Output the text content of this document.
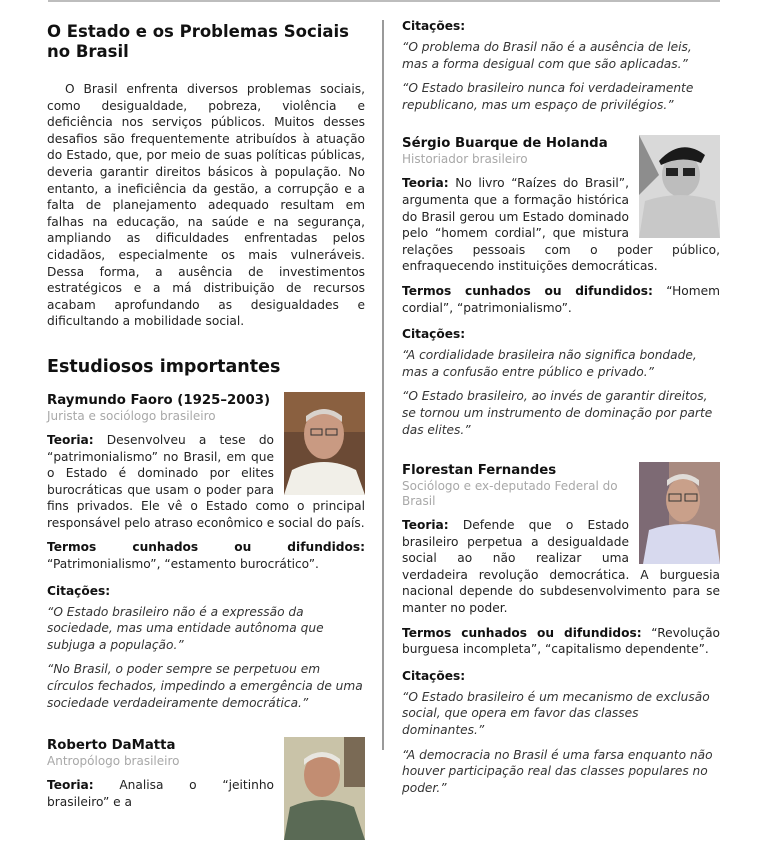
O Estado e os Problemas Sociais no Brasil

O Brasil enfrenta diversos problemas sociais, como desigualdade, pobreza, violência e deficiência nos serviços públicos. Muitos desses desafios são frequentemente atribuídos à atuação do Estado, que, por meio de suas políticas públicas, deveria garantir direitos básicos à população. No entanto, a ineficiência da gestão, a corrupção e a falta de planejamento adequado resultam em falhas na educação, na saúde e na segurança, ampliando as dificuldades enfrentadas pelos cidadãos, especialmente os mais vulneráveis. Dessa forma, a ausência de investimentos estratégicos e a má distribuição de recursos acabam aprofundando as desigualdades e dificultando a mobilidade social.

Estudiosos importantes
Raymundo Faoro (1925–2003)
Jurista e sociólogo brasileiro

Teoria: Desenvolveu a tese do “patrimonialismo” no Brasil, em que o Estado é dominado por elites burocráticas que usam o poder para fins privados. Ele vê o Estado como o principal responsável pelo atraso econômico e social do país.

Termos cunhados ou difundidos: “Patrimonialismo”, “estamento burocrático”.

Citações:

“O Estado brasileiro não é a expressão da sociedade, mas uma entidade autônoma que subjuga a população.”

“No Brasil, o poder sempre se perpetuou em círculos fechados, impedindo a emergência de uma sociedade verdadeiramente democrática.”

Roberto DaMatta
Antropólogo brasileiro

Teoria: Analisa o “jeitinho brasileiro” e a

Citações:

“O problema do Brasil não é a ausência de leis, mas a forma desigual com que são aplicadas.”

“O Estado brasileiro nunca foi verdadeiramente republicano, mas um espaço de privilégios.”

Sérgio Buarque de Holanda
Historiador brasileiro

Teoria: No livro “Raízes do Brasil”, argumenta que a formação histórica do Brasil gerou um Estado dominado pelo “homem cordial”, que mistura relações pessoais com o poder público, enfraquecendo instituições democráticas.

Termos cunhados ou difundidos: “Homem cordial”, “patrimonialismo”.

Citações:

“A cordialidade brasileira não significa bondade, mas a confusão entre público e privado.”

“O Estado brasileiro, ao invés de garantir direitos, se tornou um instrumento de dominação por parte das elites.”

Florestan Fernandes
Sociólogo e ex-deputado Federal do Brasil

Teoria: Defende que o Estado brasileiro perpetua a desigualdade social ao não realizar uma verdadeira revolução democrática. A burguesia nacional depende do subdesenvolvimento para se manter no poder.

Termos cunhados ou difundidos: “Revolução burguesa incompleta”, “capitalismo dependente”.

Citações:

“O Estado brasileiro é um mecanismo de exclusão social, que opera em favor das classes dominantes.”

“A democracia no Brasil é uma farsa enquanto não houver participação real das classes populares no poder.”
